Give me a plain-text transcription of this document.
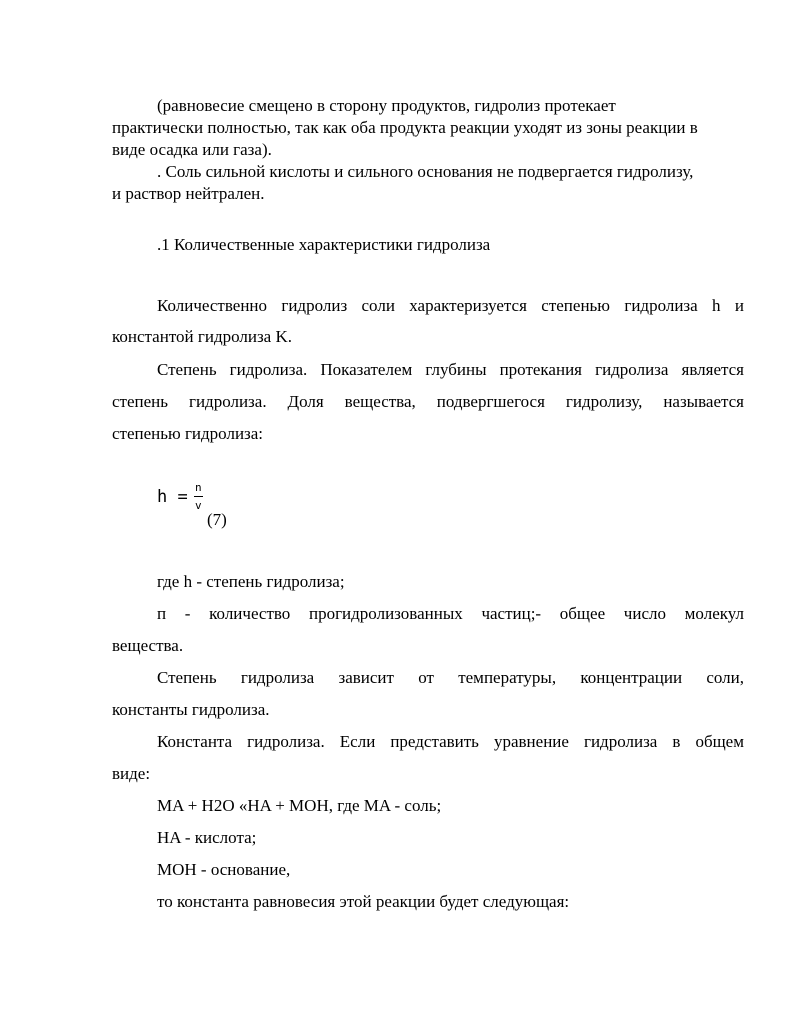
(равновесие смещено в сторону продуктов, гидролиз протекает
практически полностью, так как оба продукта реакции уходят из зоны реакции в
виде осадка или газа).
. Соль сильной кислоты и сильного основания не подвергается гидролизу,
и раствор нейтрален.
.1 Количественные характеристики гидролиза
Количественно гидролиз соли характеризуется степенью гидролиза h и
константой гидролиза K.
Степень гидролиза. Показателем глубины протекания гидролиза является
степень гидролиза. Доля вещества, подвергшегося гидролизу, называется
степенью гидролиза:
h = n
v
(7)
где h - степень гидролиза;
п - количество прогидролизованных частиц;- общее число молекул
вещества.
Степень гидролиза зависит от температуры, концентрации соли,
константы гидролиза.
Константа гидролиза. Если представить уравнение гидролиза в общем
виде:
MA + H2O «HA + MOH, где MA - соль;
HA - кислота;
MOH - основание,
то константа равновесия этой реакции будет следующая:
